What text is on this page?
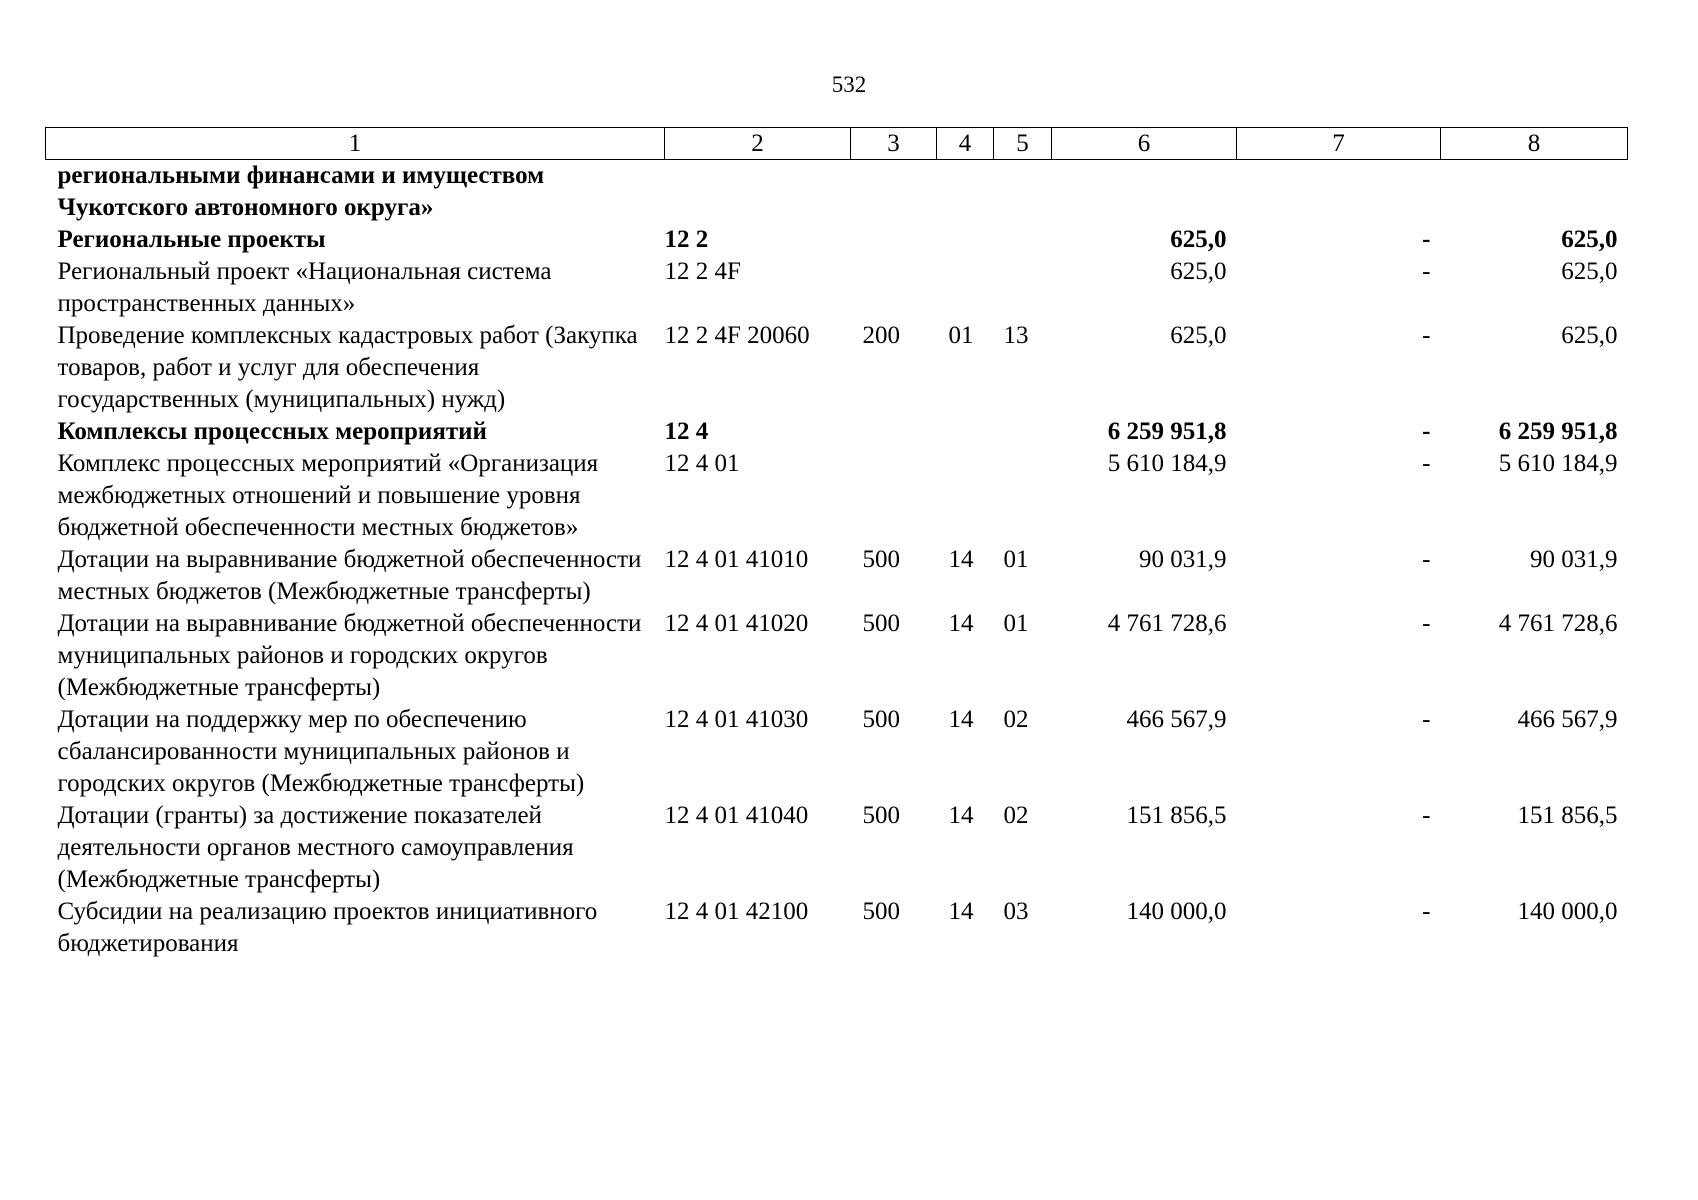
532
1	2	3	4	5	6	7	8
региональными финансами и имуществом Чукотского автономного округа»							
Региональные проекты	12 2				625,0	-	625,0
Региональный проект «Национальная система пространственных данных»	12 2 4F				625,0	-	625,0
Проведение комплексных кадастровых работ (Закупка товаров, работ и услуг для обеспечения государственных (муниципальных) нужд)	12 2 4F 20060	200	01	13	625,0	-	625,0
Комплексы процессных мероприятий	12 4				6 259 951,8	-	6 259 951,8
Комплекс процессных мероприятий «Организация межбюджетных отношений и повышение уровня бюджетной обеспеченности местных бюджетов»	12 4 01				5 610 184,9	-	5 610 184,9
Дотации на выравнивание бюджетной обеспеченности местных бюджетов (Межбюджетные трансферты)	12 4 01 41010	500	14	01	90 031,9	-	90 031,9
Дотации на выравнивание бюджетной обеспеченности муниципальных районов и городских округов (Межбюджетные трансферты)	12 4 01 41020	500	14	01	4 761 728,6	-	4 761 728,6
Дотации на поддержку мер по обеспечению сбалансированности муниципальных районов и городских округов (Межбюджетные трансферты)	12 4 01 41030	500	14	02	466 567,9	-	466 567,9
Дотации (гранты) за достижение показателей деятельности органов местного самоуправления (Межбюджетные трансферты)	12 4 01 41040	500	14	02	151 856,5	-	151 856,5
Субсидии на реализацию проектов инициативного бюджетирования	12 4 01 42100	500	14	03	140 000,0	-	140 000,0
